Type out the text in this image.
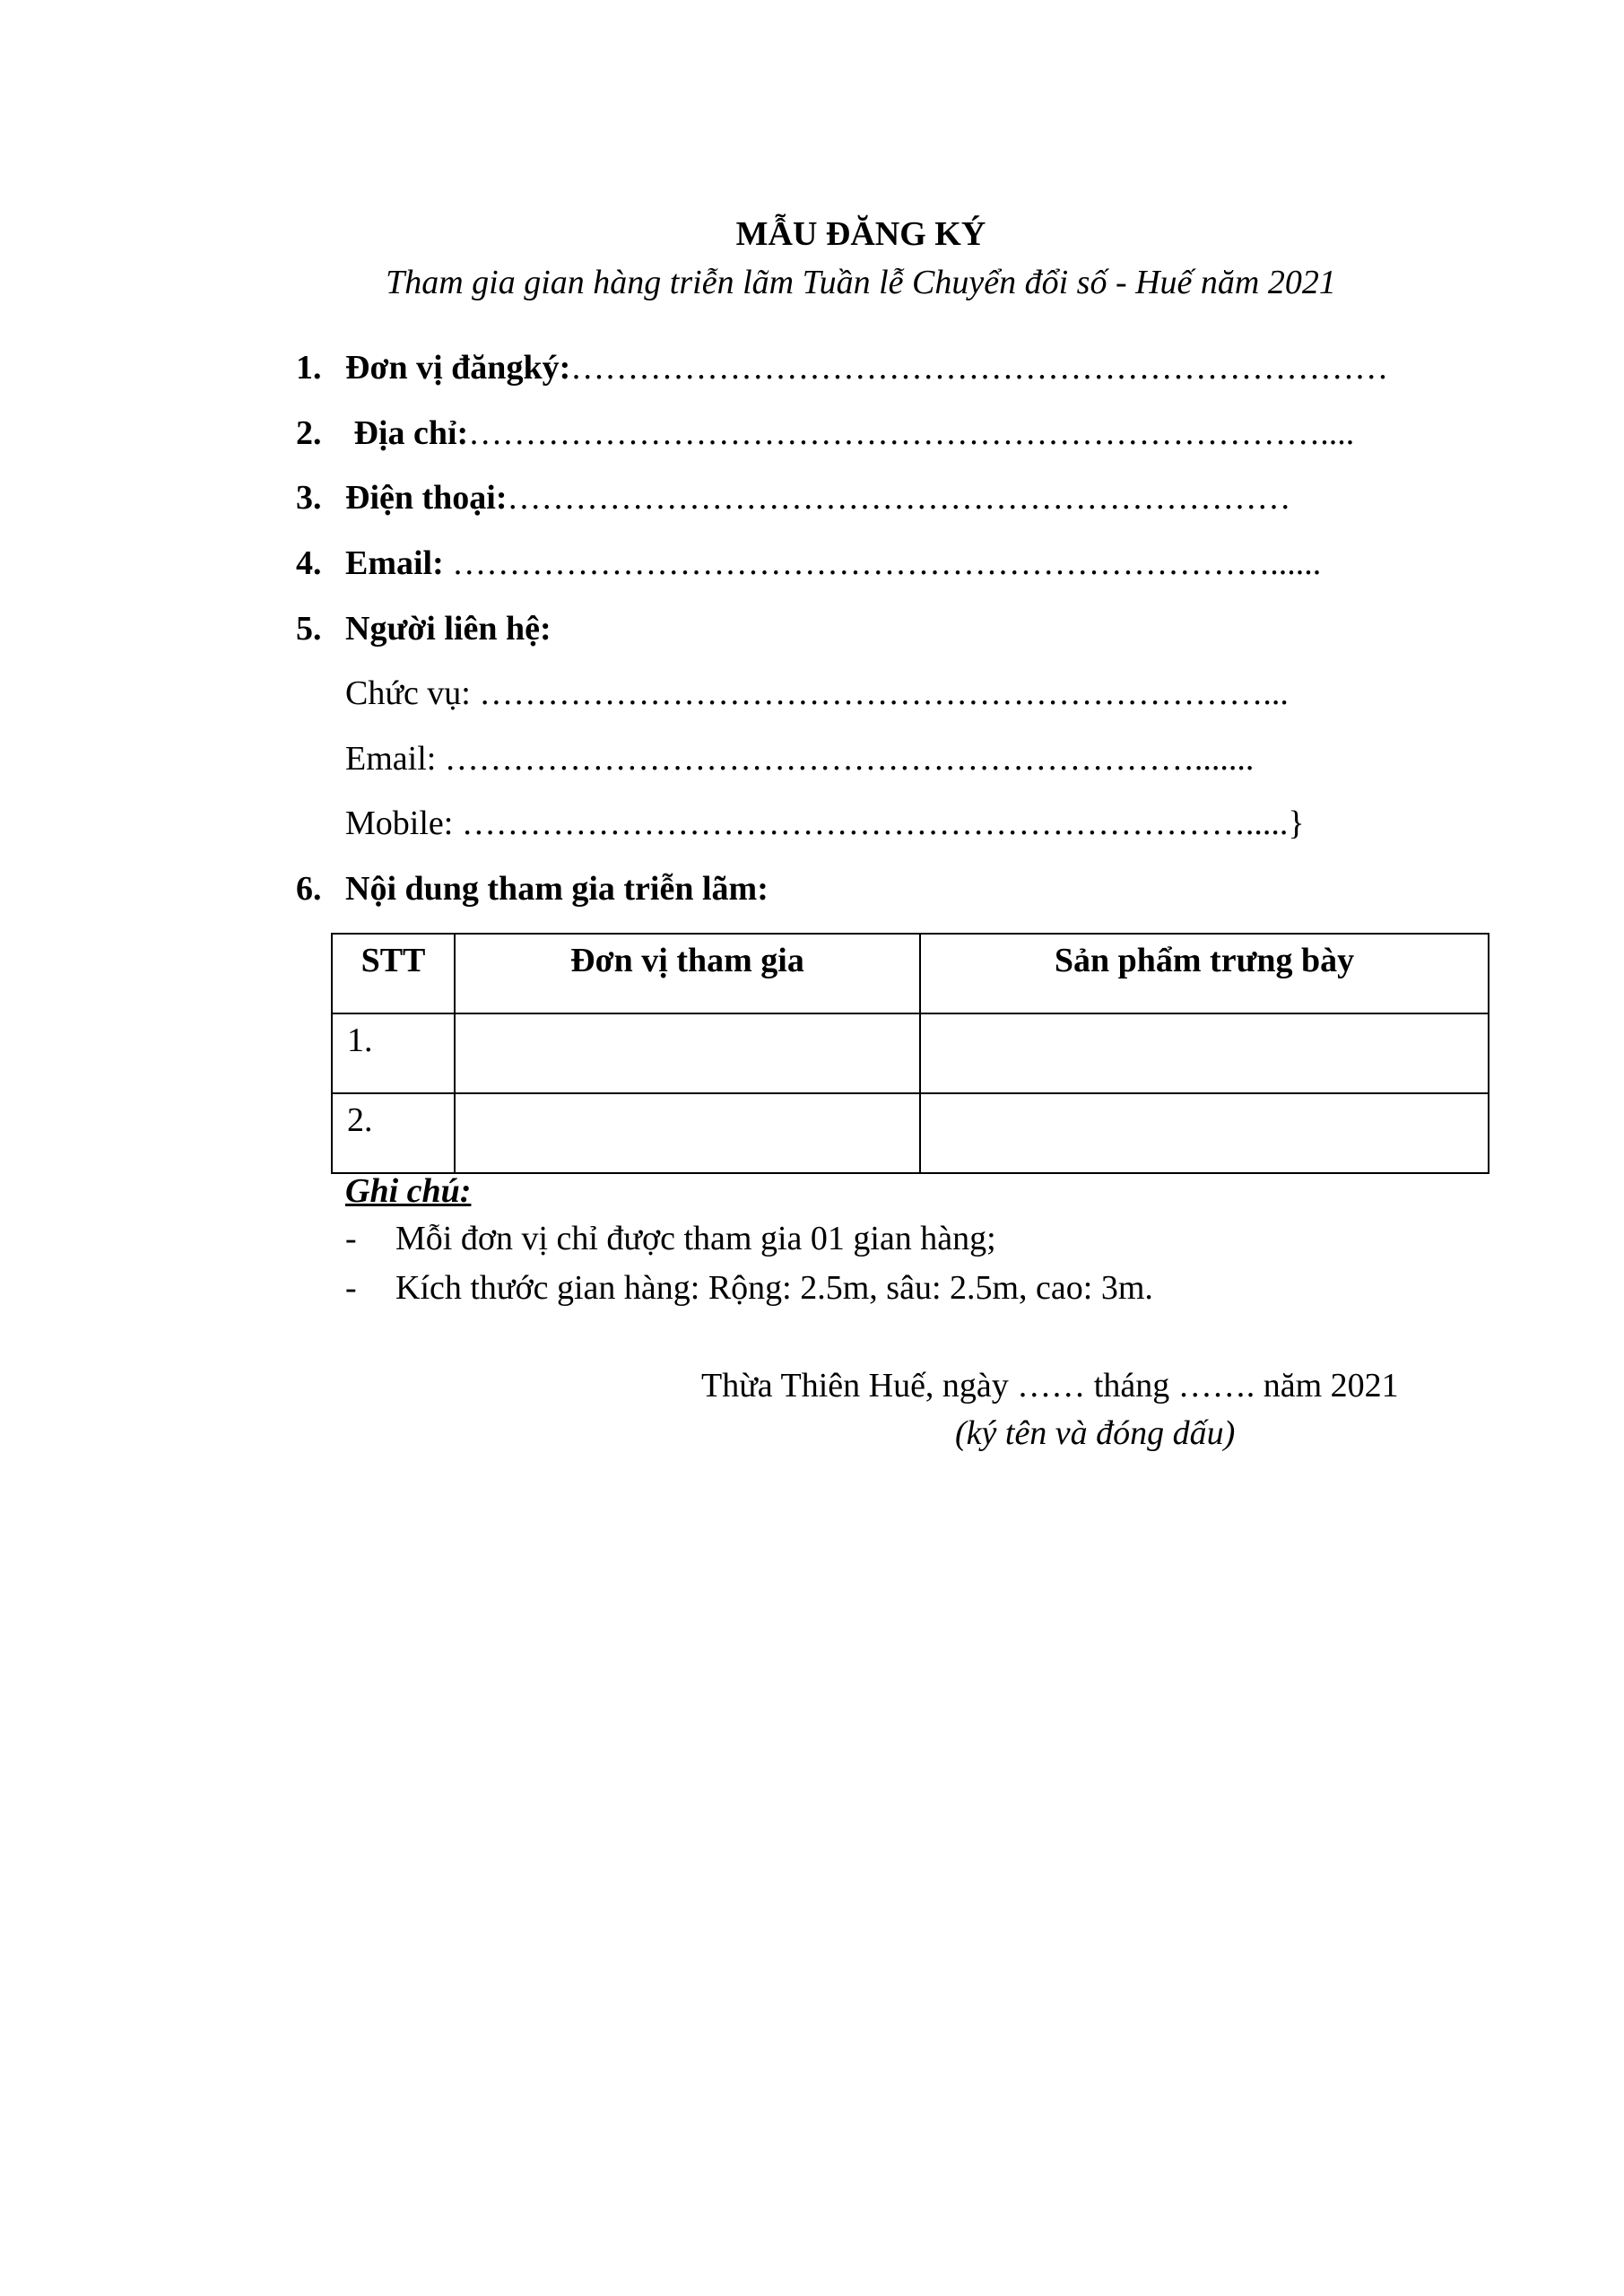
MẪU ĐĂNG KÝ
Tham gia gian hàng triễn lãm Tuần lễ Chuyển đổi số - Huế năm 2021
1. Đơn vị đăngký:………………………………………………………………
2. Địa chỉ:…………………………………………………………………....
3. Điện thoại:……………………………………………………………
4. Email: ………………………………………………………………......
5. Người liên hệ:
Chức vụ: ……………………………………………………………...
Email: ………………………………………………………….......
Mobile: …………………………………………………………….....}
6. Nội dung tham gia triễn lãm:
STT	Đơn vị tham gia	Sản phẩm trưng bày
1.		
2.		
Ghi chú:
- Mỗi đơn vị chỉ được tham gia 01 gian hàng;
- Kích thước gian hàng: Rộng: 2.5m, sâu: 2.5m, cao: 3m.
Thừa Thiên Huế, ngày …… tháng ……. năm 2021
(ký tên và đóng dấu)
